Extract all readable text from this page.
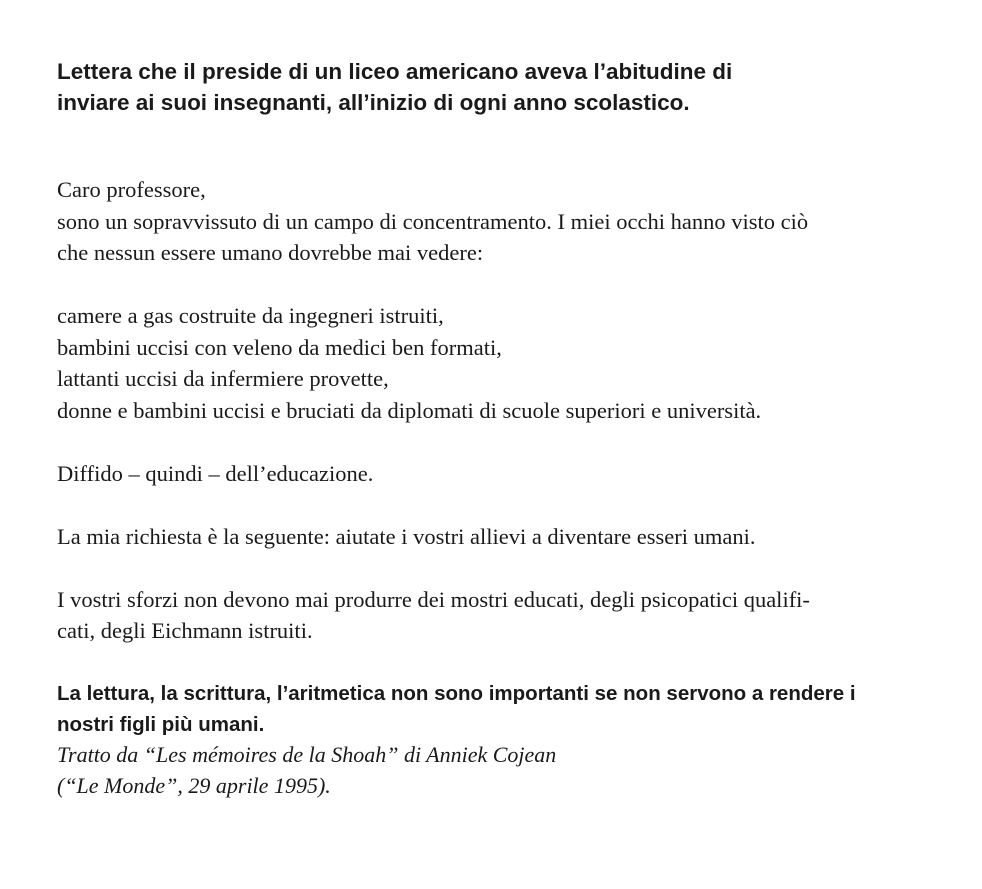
Lettera che il preside di un liceo americano aveva l’abitudine di
inviare ai suoi insegnanti, all’inizio di ogni anno scolastico.

Caro professore,
sono un sopravvissuto di un campo di concentramento. I miei occhi hanno visto ciò
che nessun essere umano dovrebbe mai vedere:

camere a gas costruite da ingegneri istruiti,
bambini uccisi con veleno da medici ben formati,
lattanti uccisi da infermiere provette,
donne e bambini uccisi e bruciati da diplomati di scuole superiori e università.

Diffido – quindi – dell’educazione.

La mia richiesta è la seguente: aiutate i vostri allievi a diventare esseri umani.

I vostri sforzi non devono mai produrre dei mostri educati, degli psicopatici qualifi-
cati, degli Eichmann istruiti.

La lettura, la scrittura, l’aritmetica non sono importanti se non servono a rendere i
nostri figli più umani.

Tratto da “Les mémoires de la Shoah” di Anniek Cojean
(“Le Monde”, 29 aprile 1995).
